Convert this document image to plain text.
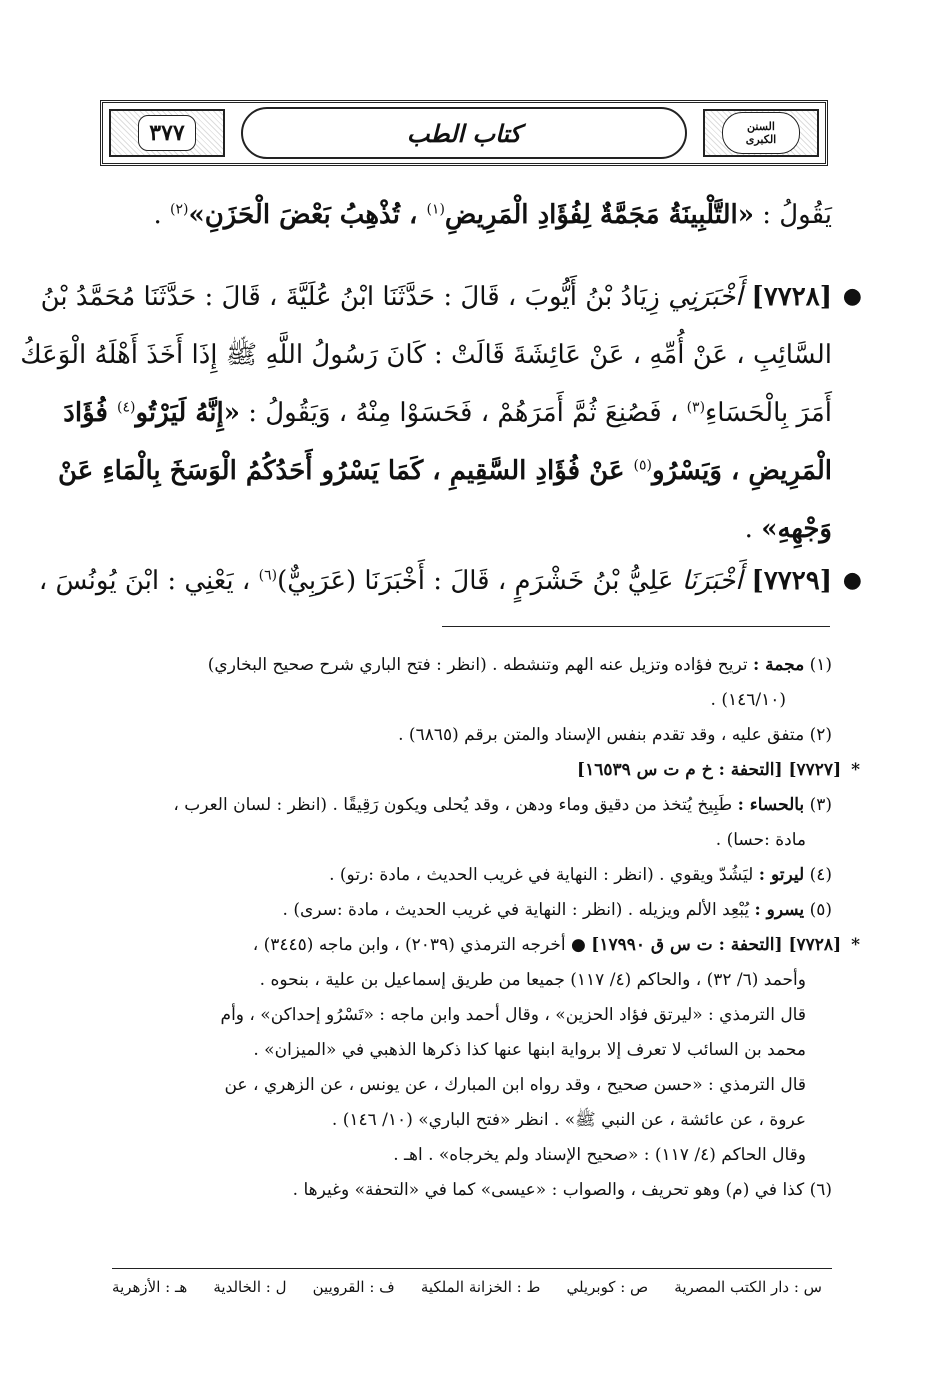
٣٧٧	كتاب الطب	السنن
الكبرى
يَقُولُ : «التَّلْبِينَةُ مَجَمَّةٌ لِفُؤَادِ الْمَرِيضِ$^{(١)}$ ، تُذْهِبُ بَعْضَ الْحَزَنِ»$^{(٢)}$ .
●
[٧٧٢٨] أَخْبَرَنِي زِيَادُ بْنُ أَيُّوبَ ، قَالَ : حَدَّثَنَا ابْنُ عُلَيَّةَ ، قَالَ : حَدَّثَنَا مُحَمَّدُ بْنُ
السَّائِبِ ، عَنْ أُمِّهِ ، عَنْ عَائِشَةَ قَالَتْ : كَانَ رَسُولُ اللَّهِ ﷺ إِذَا أَخَذَ أَهْلَهُ الْوَعَكُ
أَمَرَ بِالْحَسَاءِ$^{(٣)}$ ، فَصُنِعَ ثُمَّ أَمَرَهُمْ ، فَحَسَوْا مِنْهُ ، وَيَقُولُ : «إِنَّهُ لَيَرْتُو$^{(٤)}$ فُؤَادَ
الْمَرِيضِ ، وَيَسْرُو$^{(٥)}$ عَنْ فُؤَادِ السَّقِيمِ ، كَمَا يَسْرُو أَحَدُكُمُ الْوَسَخَ بِالْمَاءِ عَنْ
وَجْهِهِ» .
●
[٧٧٢٩] أَخْبَرَنَا عَلِيُّ بْنُ خَشْرَمٍ ، قَالَ : أَخْبَرَنَا (عَرَبِيٌّ)$^{(٦)}$ ، يَعْنِي : ابْنَ يُونُسَ ،

(١) مجمة : تريح فؤاده وتزيل عنه الهم وتنشطه . (انظر : فتح الباري شرح صحيح البخاري)

(١٤٦/١٠) .

(٢) متفق عليه ، وقد تقدم بنفس الإسناد والمتن برقم (٦٨٦٥) .

*[٧٧٢٧] [التحفة : خ م ت س ١٦٥٣٩]

(٣) بالحساء : طَبِيخ يُتخذ من دقيق وماء ودهن ، وقد يُحلى ويكون رَقِيقًا . (انظر : لسان العرب ،

مادة :حسا) .

(٤) ليرتو : ليَشُدّ ويقوي . (انظر : النهاية في غريب الحديث ، مادة :رتو) .

(٥) يسرو : يُبْعِد الألم ويزيله . (انظر : النهاية في غريب الحديث ، مادة :سرى) .

*[٧٧٢٨] [التحفة : ت س ق ١٧٩٩٠] ● أخرجه الترمذي (٢٠٣٩) ، وابن ماجه (٣٤٤٥) ،

وأحمد (٦/ ٣٢) ، والحاكم (٤/ ١١٧) جميعا من طريق إسماعيل بن علية ، بنحوه .

قال الترمذي : «ليرتق فؤاد الحزين» ، وقال أحمد وابن ماجه : «تَسْرُو إحداكن» ، وأم

محمد بن السائب لا تعرف إلا برواية ابنها عنها كذا ذكرها الذهبي في «الميزان» .

قال الترمذي : «حسن صحيح ، وقد رواه ابن المبارك ، عن يونس ، عن الزهري ، عن

عروة ، عن عائشة ، عن النبي ﷺ» . انظر «فتح الباري» (١٠/ ١٤٦) .

وقال الحاكم (٤/ ١١٧) : «صحيح الإسناد ولم يخرجاه» . اهـ .

(٦) كذا في (م) وهو تحريف ، والصواب : «عيسى» كما في «التحفة» وغيرها .

س : دار الكتب المصرية
ص : كوبريلي
ط : الخزانة الملكية
ف : القرويين
ل : الخالدية
هـ : الأزهرية
